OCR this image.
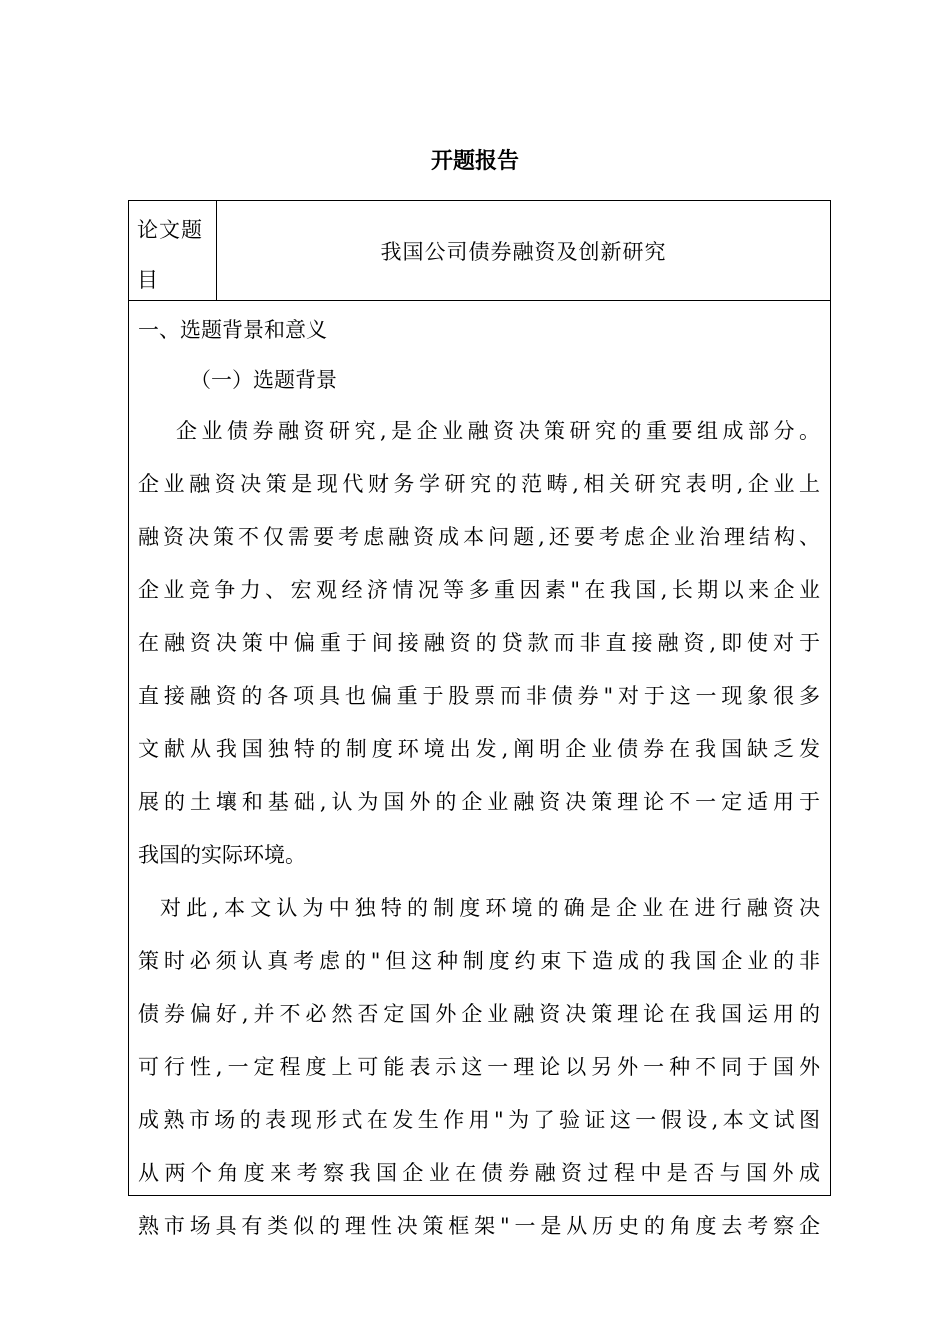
开题报告
论文题
目
我国公司债券融资及创新研究
一、选题背景和意义
（一）选题背景
企业债券融资研究,是企业融资决策研究的重要组成部分。
企业融资决策是现代财务学研究的范畴,相关研究表明,企业上
融资决策不仅需要考虑融资成本问题,还要考虑企业治理结构、
企业竞争力、宏观经济情况等多重因素"在我国,长期以来企业
在融资决策中偏重于间接融资的贷款而非直接融资,即使对于
直接融资的各项具也偏重于股票而非债券"对于这一现象很多
文献从我国独特的制度环境出发,阐明企业债券在我国缺乏发
展的土壤和基础,认为国外的企业融资决策理论不一定适用于
我国的实际环境。
对此,本文认为中独特的制度环境的确是企业在进行融资决
策时必须认真考虑的"但这种制度约束下造成的我国企业的非
债券偏好,并不必然否定国外企业融资决策理论在我国运用的
可行性,一定程度上可能表示这一理论以另外一种不同于国外
成熟市场的表现形式在发生作用"为了验证这一假设,本文试图
从两个角度来考察我国企业在债券融资过程中是否与国外成
熟市场具有类似的理性决策框架"一是从历史的角度去考察企
